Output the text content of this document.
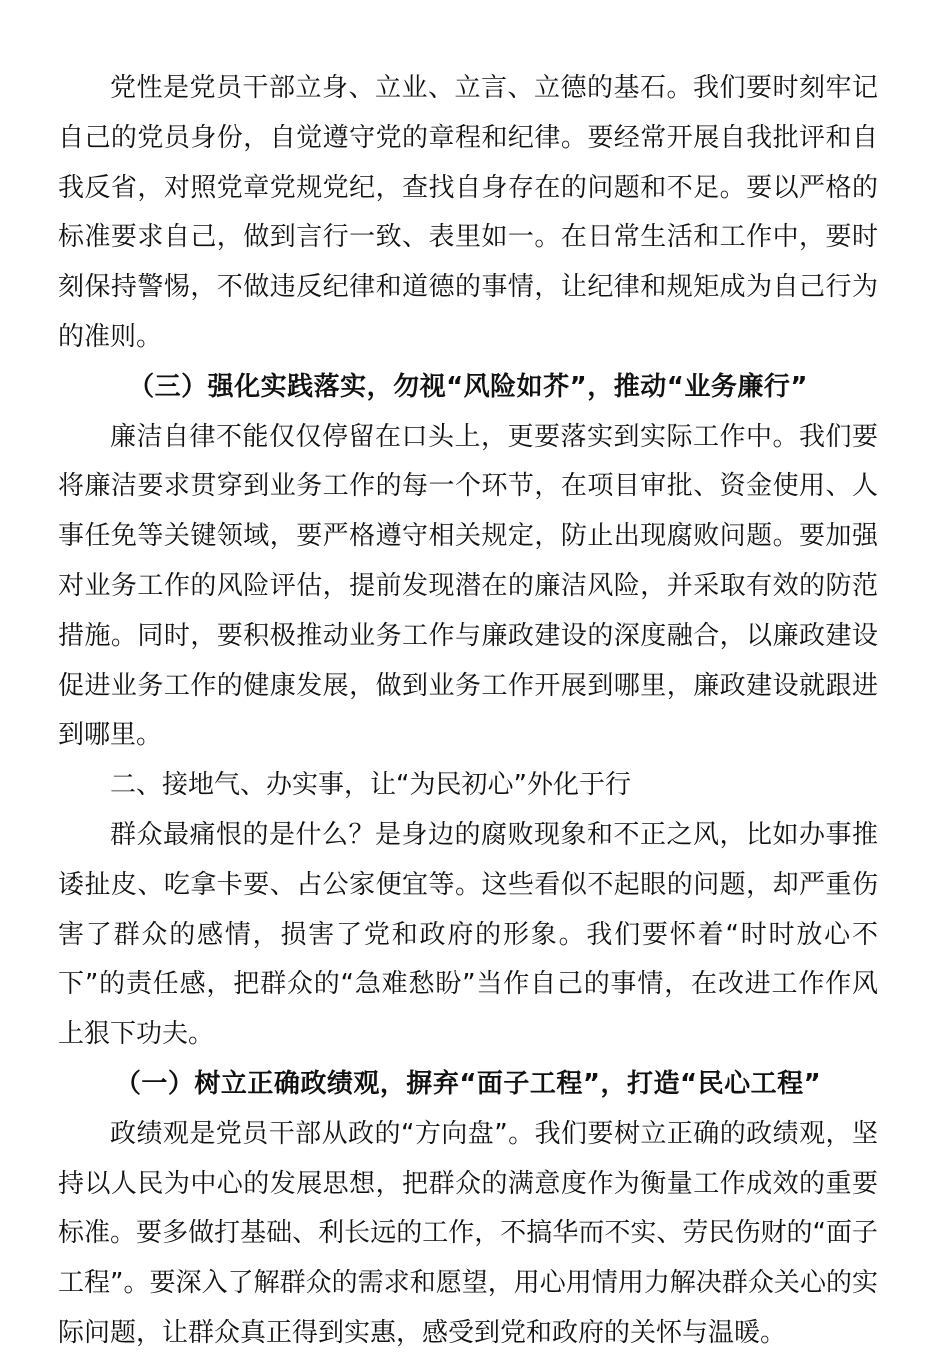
党性是党员干部立身、立业、立言、立德的基石。我们要时刻牢记自己的党员身份，自觉遵守党的章程和纪律。要经常开展自我批评和自我反省，对照党章党规党纪，查找自身存在的问题和不足。要以严格的标准要求自己，做到言行一致、表里如一。在日常生活和工作中，要时刻保持警惕，不做违反纪律和道德的事情，让纪律和规矩成为自己行为的准则。

（三）强化实践落实，勿视“风险如芥”，推动“业务廉行”

廉洁自律不能仅仅停留在口头上，更要落实到实际工作中。我们要将廉洁要求贯穿到业务工作的每一个环节，在项目审批、资金使用、人事任免等关键领域，要严格遵守相关规定，防止出现腐败问题。要加强对业务工作的风险评估，提前发现潜在的廉洁风险，并采取有效的防范措施。同时，要积极推动业务工作与廉政建设的深度融合，以廉政建设促进业务工作的健康发展，做到业务工作开展到哪里，廉政建设就跟进到哪里。

二、接地气、办实事，让“为民初心”外化于行

群众最痛恨的是什么？是身边的腐败现象和不正之风，比如办事推诿扯皮、吃拿卡要、占公家便宜等。这些看似不起眼的问题，却严重伤害了群众的感情，损害了党和政府的形象。我们要怀着“时时放心不下”的责任感，把群众的“急难愁盼”当作自己的事情，在改进工作作风上狠下功夫。

（一）树立正确政绩观，摒弃“面子工程”，打造“民心工程”

政绩观是党员干部从政的“方向盘”。我们要树立正确的政绩观，坚持以人民为中心的发展思想，把群众的满意度作为衡量工作成效的重要标准。要多做打基础、利长远的工作，不搞华而不实、劳民伤财的“面子工程”。要深入了解群众的需求和愿望，用心用情用力解决群众关心的实际问题，让群众真正得到实惠，感受到党和政府的关怀与温暖。
